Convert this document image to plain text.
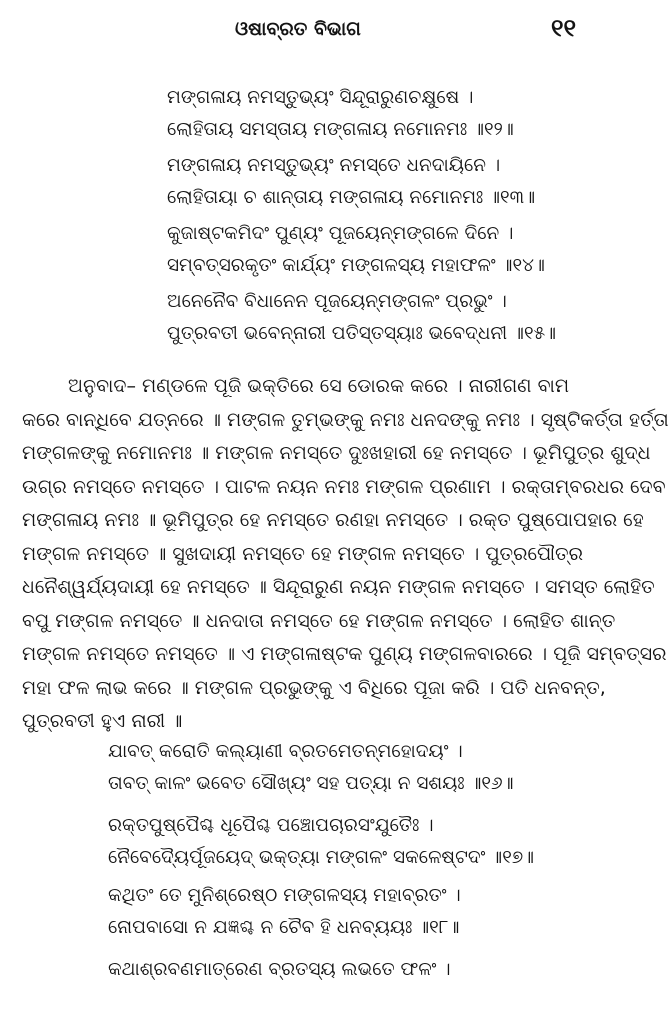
ଓଷାବ୍ରତ ବିଭାଗ	୧୧
ମଙ୍ଗଳାୟ ନମସ୍ତୁଭ୍ୟଂ ସିନ୍ଦୂରାରୁଣଚକ୍ଷୁଷେ ।
ଲୋହିତାୟ ସମସ୍ତାୟ ମଙ୍ଗଳାୟ ନମୋନମଃ ॥୧୨॥
ମଙ୍ଗଳାୟ ନମସ୍ତୁଭ୍ୟଂ ନମସ୍ତେ ଧନଦାୟିନେ ।
ଲୋହିତାୟା ଚ ଶାନ୍ତାୟ ମଙ୍ଗଳାୟ ନମୋନମଃ ॥୧୩॥
କୁଜାଷ୍ଟକମିଦଂ ପୁଣ୍ୟଂ ପୂଜୟେନ୍ମଙ୍ଗଳେ ଦିନେ ।
ସମ୍ବତ୍ସରକୃତଂ କାର୍ଯ୍ୟଂ ମଙ୍ଗଳସ୍ୟ ମହାଫଳଂ ॥୧୪॥
ଅନେନୈବ ବିଧାନେନ ପୂଜୟେନ୍ମଙ୍ଗଳଂ ପ୍ରଭୁଂ ।
ପୁତ୍ରବତୀ ଭବେନ୍ନାରୀ ପତିସ୍ତସ୍ୟାଃ ଭବେଦ୍ଧନୀ ॥୧୫॥
ଅନୁବାଦ– ମଣ୍ଡଳେ ପୂଜି ଭକ୍ତିରେ ସେ ଡୋରକ କରେ । ନାରୀଗଣ ବାମ
କରେ ବାନ୍ଧିବେ ଯତ୍ନରେ ॥ ମଙ୍ଗଳ ତୁମ୍ଭଙ୍କୁ ନମଃ ଧନଦଙ୍କୁ ନମଃ । ସୃଷ୍ଟିକର୍ତ୍ତା ହର୍ତ୍ତା
ମଙ୍ଗଳଙ୍କୁ ନମୋନମଃ ॥ ମଙ୍ଗଳ ନମସ୍ତେ ଦୁଃଖହାରୀ ହେ ନମସ୍ତେ । ଭୂମିପୁତ୍ର ଶୁଦ୍ଧ
ଉଗ୍ର ନମସ୍ତେ ନମସ୍ତେ । ପାଟଳ ନୟନ ନମଃ ମଙ୍ଗଳ ପ୍ରଣାମ । ରକ୍ତାମ୍ବରଧର ଦେବ
ମଙ୍ଗଳାୟ ନମଃ ॥ ଭୂମିପୁତ୍ର ହେ ନମସ୍ତେ ରଣହା ନମସ୍ତେ । ରକ୍ତ ପୁଷ୍ପୋପହାର ହେ
ମଙ୍ଗଳ ନମସ୍ତେ ॥ ସୁଖଦାୟୀ ନମସ୍ତେ ହେ ମଙ୍ଗଳ ନମସ୍ତେ । ପୁତ୍ରପୌତ୍ର
ଧନୈଶ୍ୱର୍ଯ୍ୟଦାୟୀ ହେ ନମସ୍ତେ ॥ ସିନ୍ଦୂରାରୁଣ ନୟନ ମଙ୍ଗଳ ନମସ୍ତେ । ସମସ୍ତ ଲୋହିତ
ବପୁ ମଙ୍ଗଳ ନମସ୍ତେ ॥ ଧନଦାତା ନମସ୍ତେ ହେ ମଙ୍ଗଳ ନମସ୍ତେ । ଲୋହିତ ଶାନ୍ତ
ମଙ୍ଗଳ ନମସ୍ତେ ନମସ୍ତେ ॥ ଏ ମଙ୍ଗଳାଷ୍ଟକ ପୁଣ୍ୟ ମଙ୍ଗଳବାରରେ । ପୂଜି ସମ୍ବତ୍ସର
ମହା ଫଳ ଲାଭ କରେ ॥ ମଙ୍ଗଳ ପ୍ରଭୁଙ୍କୁ ଏ ବିଧିରେ ପୂଜା କରି । ପତି ଧନବନ୍ତ,
ପୁତ୍ରବତୀ ହୁଏ ନାରୀ ॥
ଯାବତ୍ କରୋତି କଲ୍ୟାଣୀ ବ୍ରତମେତନ୍ମହୋଦୟଂ ।
ତାବତ୍ କାଳଂ ଭବେତ ସୌଖ୍ୟଂ ସହ ପତ୍ୟା ନ ସଶୟଃ ॥୧୬॥
ରକ୍ତପୁଷ୍ପୈଶ୍ଚ ଧୂପୈଶ୍ଚ ପଞ୍ଚୋପଚାରସଂଯୁତୈଃ ।
ନୈବେଦ୍ୟୈର୍ପୂଜୟେଦ୍ ଭକ୍ତ୍ୟା ମଙ୍ଗଳଂ ସକଳେଷ୍ଟଦଂ ॥୧୭॥
କଥିତଂ ତେ ମୁନିଶ୍ରେଷ୍ଠ ମଙ୍ଗଳସ୍ୟ ମହାବ୍ରତଂ ।
ନୋପବାସୋ ନ ଯଜ୍ଞଶ୍ଚ ନ ଚୈବ ହି ଧନବ୍ୟୟଃ ॥୧୮॥
କଥାଶ୍ରବଣମାତ୍ରେଣ ବ୍ରତସ୍ୟ ଲଭତେ ଫଳଂ ।
